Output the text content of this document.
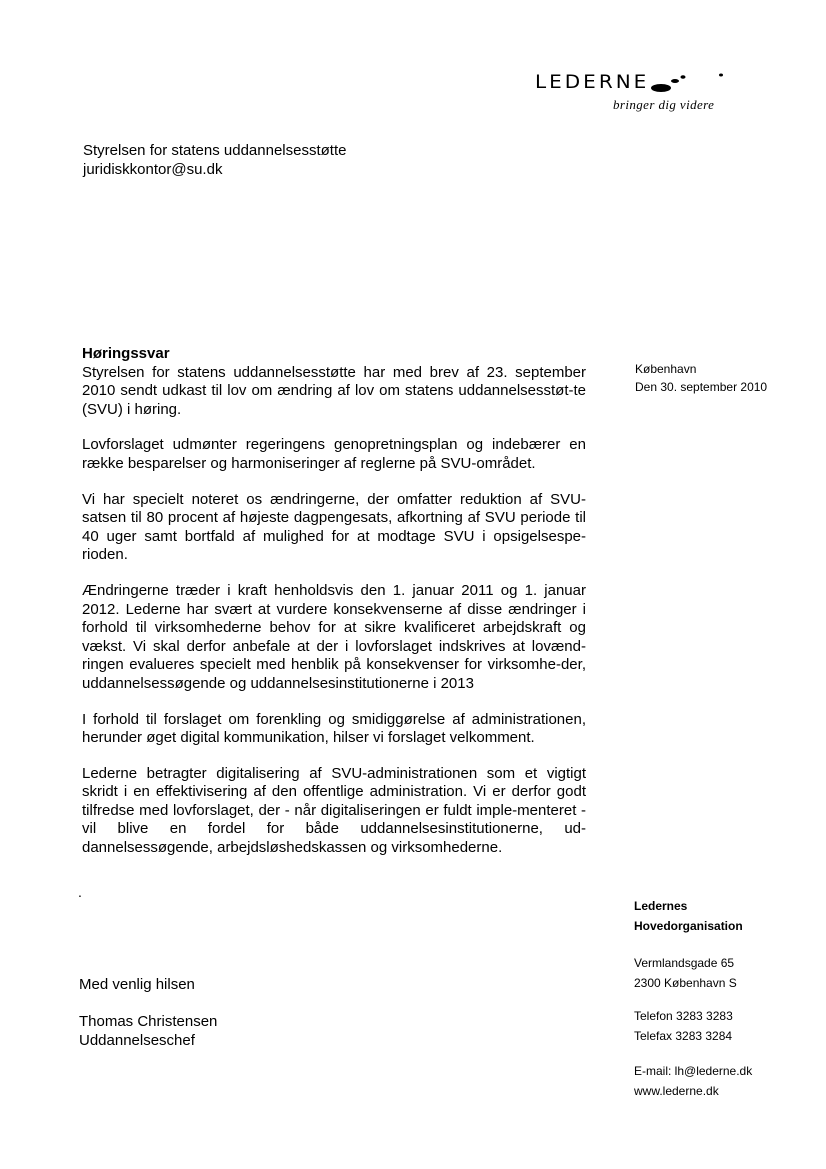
LEDERNE
bringer dig videre
Styrelsen for statens uddannelsesstøtte
juridiskkontor@su.dk
København
Den 30. september 2010
Høringssvar

Styrelsen for statens uddannelsesstøtte har med brev af 23. september 2010 sendt udkast til lov om ændring af lov om statens uddannelsesstøt-te (SVU) i høring.

Lovforslaget udmønter regeringens genopretningsplan og indebærer en række besparelser og harmoniseringer af reglerne på SVU-området.

Vi har specielt noteret os ændringerne, der omfatter reduktion af SVU-satsen til 80 procent af højeste dagpengesats, afkortning af SVU periode til 40 uger samt bortfald af mulighed for at modtage SVU i opsigelsespe-rioden.

Ændringerne træder i kraft henholdsvis den 1. januar 2011 og 1. januar 2012. Lederne har svært at vurdere konsekvenserne af disse ændringer i forhold til virksomhederne behov for at sikre kvalificeret arbejdskraft og vækst. Vi skal derfor anbefale at der i lovforslaget indskrives at lovænd-ringen evalueres specielt med henblik på konsekvenser for virksomhe-der, uddannelsessøgende og uddannelsesinstitutionerne i 2013

I forhold til forslaget om forenkling og smidiggørelse af administrationen, herunder øget digital kommunikation, hilser vi forslaget velkomment.

Lederne betragter digitalisering af SVU-administrationen som et vigtigt skridt i en effektivisering af den offentlige administration. Vi er derfor godt tilfredse med lovforslaget, der - når digitaliseringen er fuldt imple-menteret - vil blive en fordel for både uddannelsesinstitutionerne, ud-dannelsessøgende, arbejdsløshedskassen og virksomhederne.

.
Med venlig hilsen
Thomas Christensen
Uddannelseschef
Ledernes
Hovedorganisation
Vermlandsgade 65
2300 København S
Telefon 3283 3283
Telefax 3283 3284
E-mail: lh@lederne.dk
www.lederne.dk
